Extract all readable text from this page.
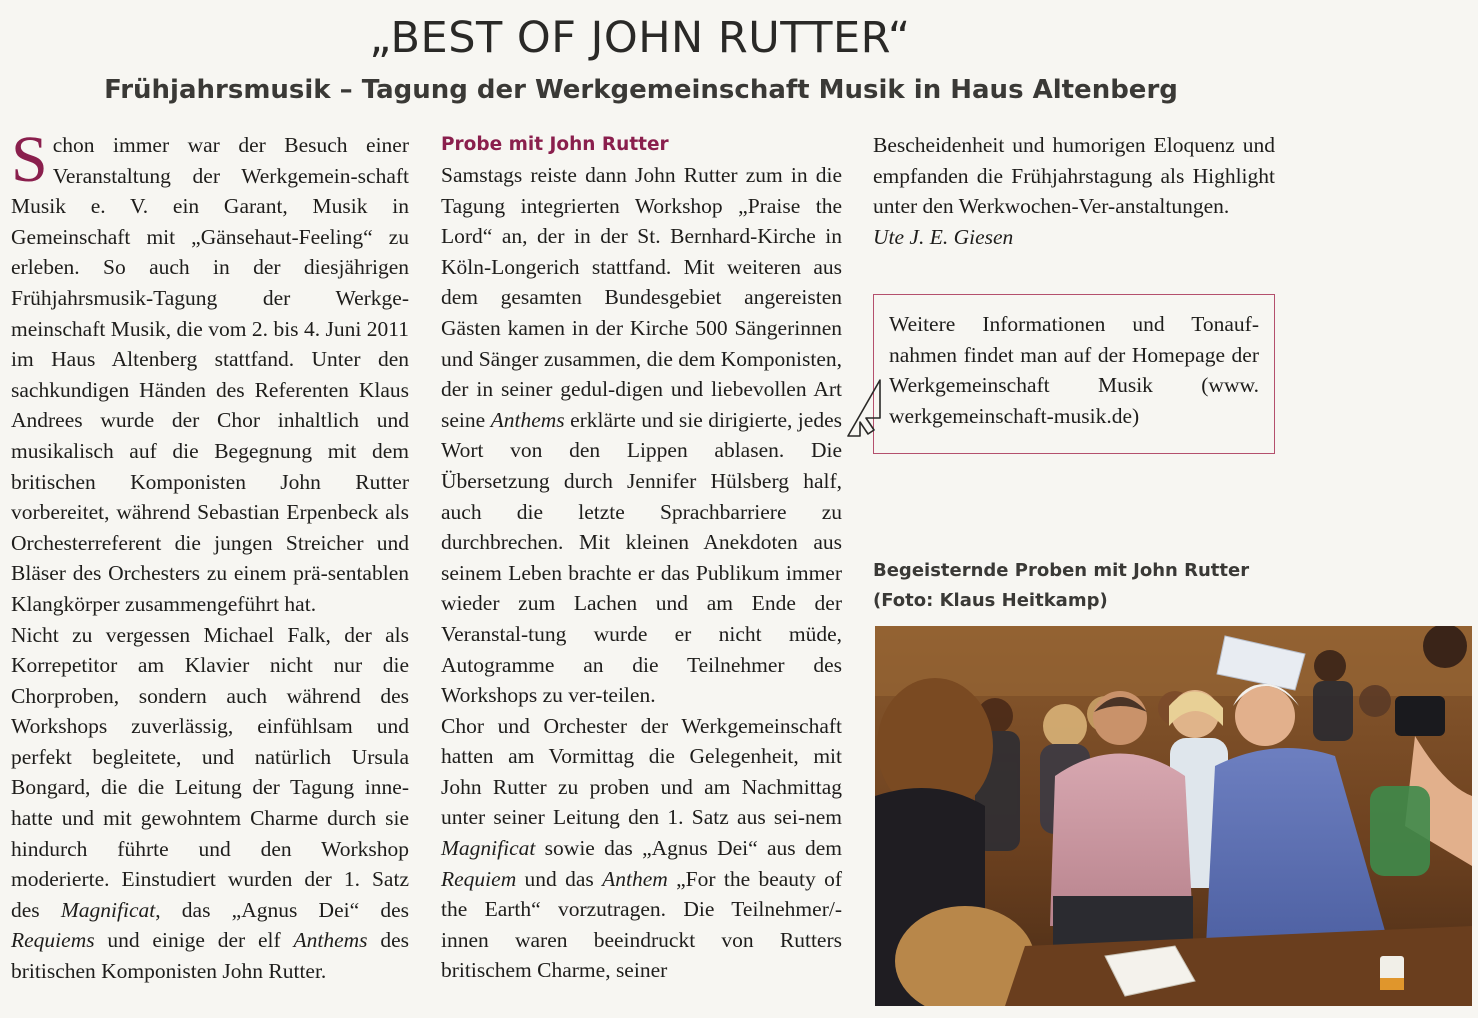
„BEST OF JOHN RUTTER“
Frühjahrsmusik – Tagung der Werkgemeinschaft Musik in Haus Altenberg

Schon immer war der Besuch einer Veranstaltung der Werkgemein-schaft Musik e. V. ein Garant, Musik in Gemeinschaft mit „Gänsehaut-Feeling“ zu erleben. So auch in der diesjährigen Frühjahrsmusik-Tagung der Werkge-meinschaft Musik, die vom 2. bis 4. Juni 2011 im Haus Altenberg stattfand. Unter den sachkundigen Händen des Referenten Klaus Andrees wurde der Chor inhaltlich und musikalisch auf die Begegnung mit dem britischen Komponisten John Rutter vorbereitet, während Sebastian Erpenbeck als Orchesterreferent die jungen Streicher und Bläser des Orchesters zu einem prä-sentablen Klangkörper zusammengeführt hat.

Nicht zu vergessen Michael Falk, der als Korrepetitor am Klavier nicht nur die Chorproben, sondern auch während des Workshops zuverlässig, einfühlsam und perfekt begleitete, und natürlich Ursula Bongard, die die Leitung der Tagung inne-hatte und mit gewohntem Charme durch sie hindurch führte und den Workshop moderierte. Einstudiert wurden der 1. Satz des Magnificat, das „Agnus Dei“ des Requiems und einige der elf Anthems des britischen Komponisten John Rutter.

Probe mit John Rutter

Samstags reiste dann John Rutter zum in die Tagung integrierten Workshop „Praise the Lord“ an, der in der St. Bernhard-Kirche in Köln-Longerich stattfand. Mit weiteren aus dem gesamten Bundesgebiet angereisten Gästen kamen in der Kirche 500 Sängerinnen und Sänger zusammen, die dem Komponisten, der in seiner gedul-digen und liebevollen Art seine Anthems erklärte und sie dirigierte, jedes Wort von den Lippen ablasen. Die Übersetzung durch Jennifer Hülsberg half, auch die letzte Sprachbarriere zu durchbrechen. Mit kleinen Anekdoten aus seinem Leben brachte er das Publikum immer wieder zum Lachen und am Ende der Veranstal-tung wurde er nicht müde, Autogramme an die Teilnehmer des Workshops zu ver-teilen.

Chor und Orchester der Werkgemeinschaft hatten am Vormittag die Gelegenheit, mit John Rutter zu proben und am Nachmittag unter seiner Leitung den 1. Satz aus sei-nem Magnificat sowie das „Agnus Dei“ aus dem Requiem und das Anthem „For the beauty of the Earth“ vorzutragen. Die Teilnehmer/-innen waren beeindruckt von Rutters britischem Charme, seiner

Bescheidenheit und humorigen Eloquenz und empfanden die Frühjahrstagung als Highlight unter den Werkwochen-Ver-anstaltungen.

Ute J. E. Giesen

Weitere Informationen und Tonauf-nahmen findet man auf der Homepage der Werkgemeinschaft Musik (www. werkgemeinschaft-musik.de)
Begeisternde Proben mit John Rutter
(Foto: Klaus Heitkamp)
